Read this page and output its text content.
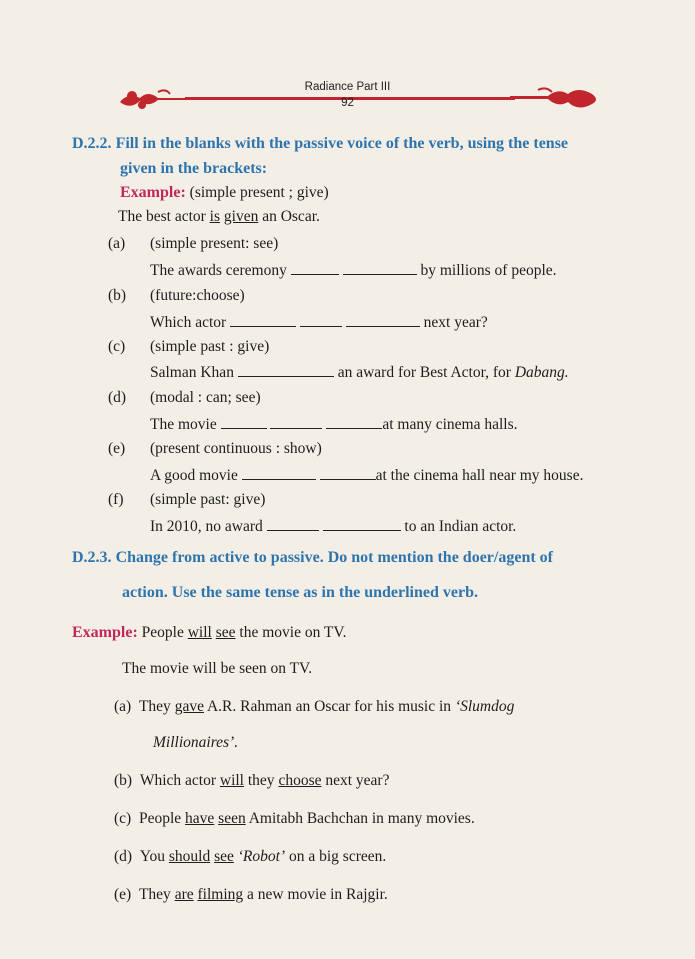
Radiance Part III
92
D.2.2. Fill in the blanks with the passive voice of the verb, using the tense
given in the brackets:
Example: (simple present ; give)
The best actor is given an Oscar.
(a) (simple present: see)
The awards ceremony	by millions of people.
(b) (future:choose)
Which actor	next year?
(c) (simple past : give)
Salman Khan	an award for Best Actor, for Dabang.
(d) (modal : can; see)
The movie	at many cinema halls.
(e) (present continuous : show)
A good movie	at the cinema hall near my house.
(f) (simple past: give)
In 2010, no award	to an Indian actor.
D.2.3. Change from active to passive. Do not mention the doer/agent of
action. Use the same tense as in the underlined verb.
Example: People will see the movie on TV.
The movie will be seen on TV.
(a) They gave A.R. Rahman an Oscar for his music in ‘Slumdog
Millionaires’.
(b) Which actor will they choose next year?
(c) People have seen Amitabh Bachchan in many movies.
(d) You should see ‘Robot’ on a big screen.
(e) They are filming a new movie in Rajgir.
